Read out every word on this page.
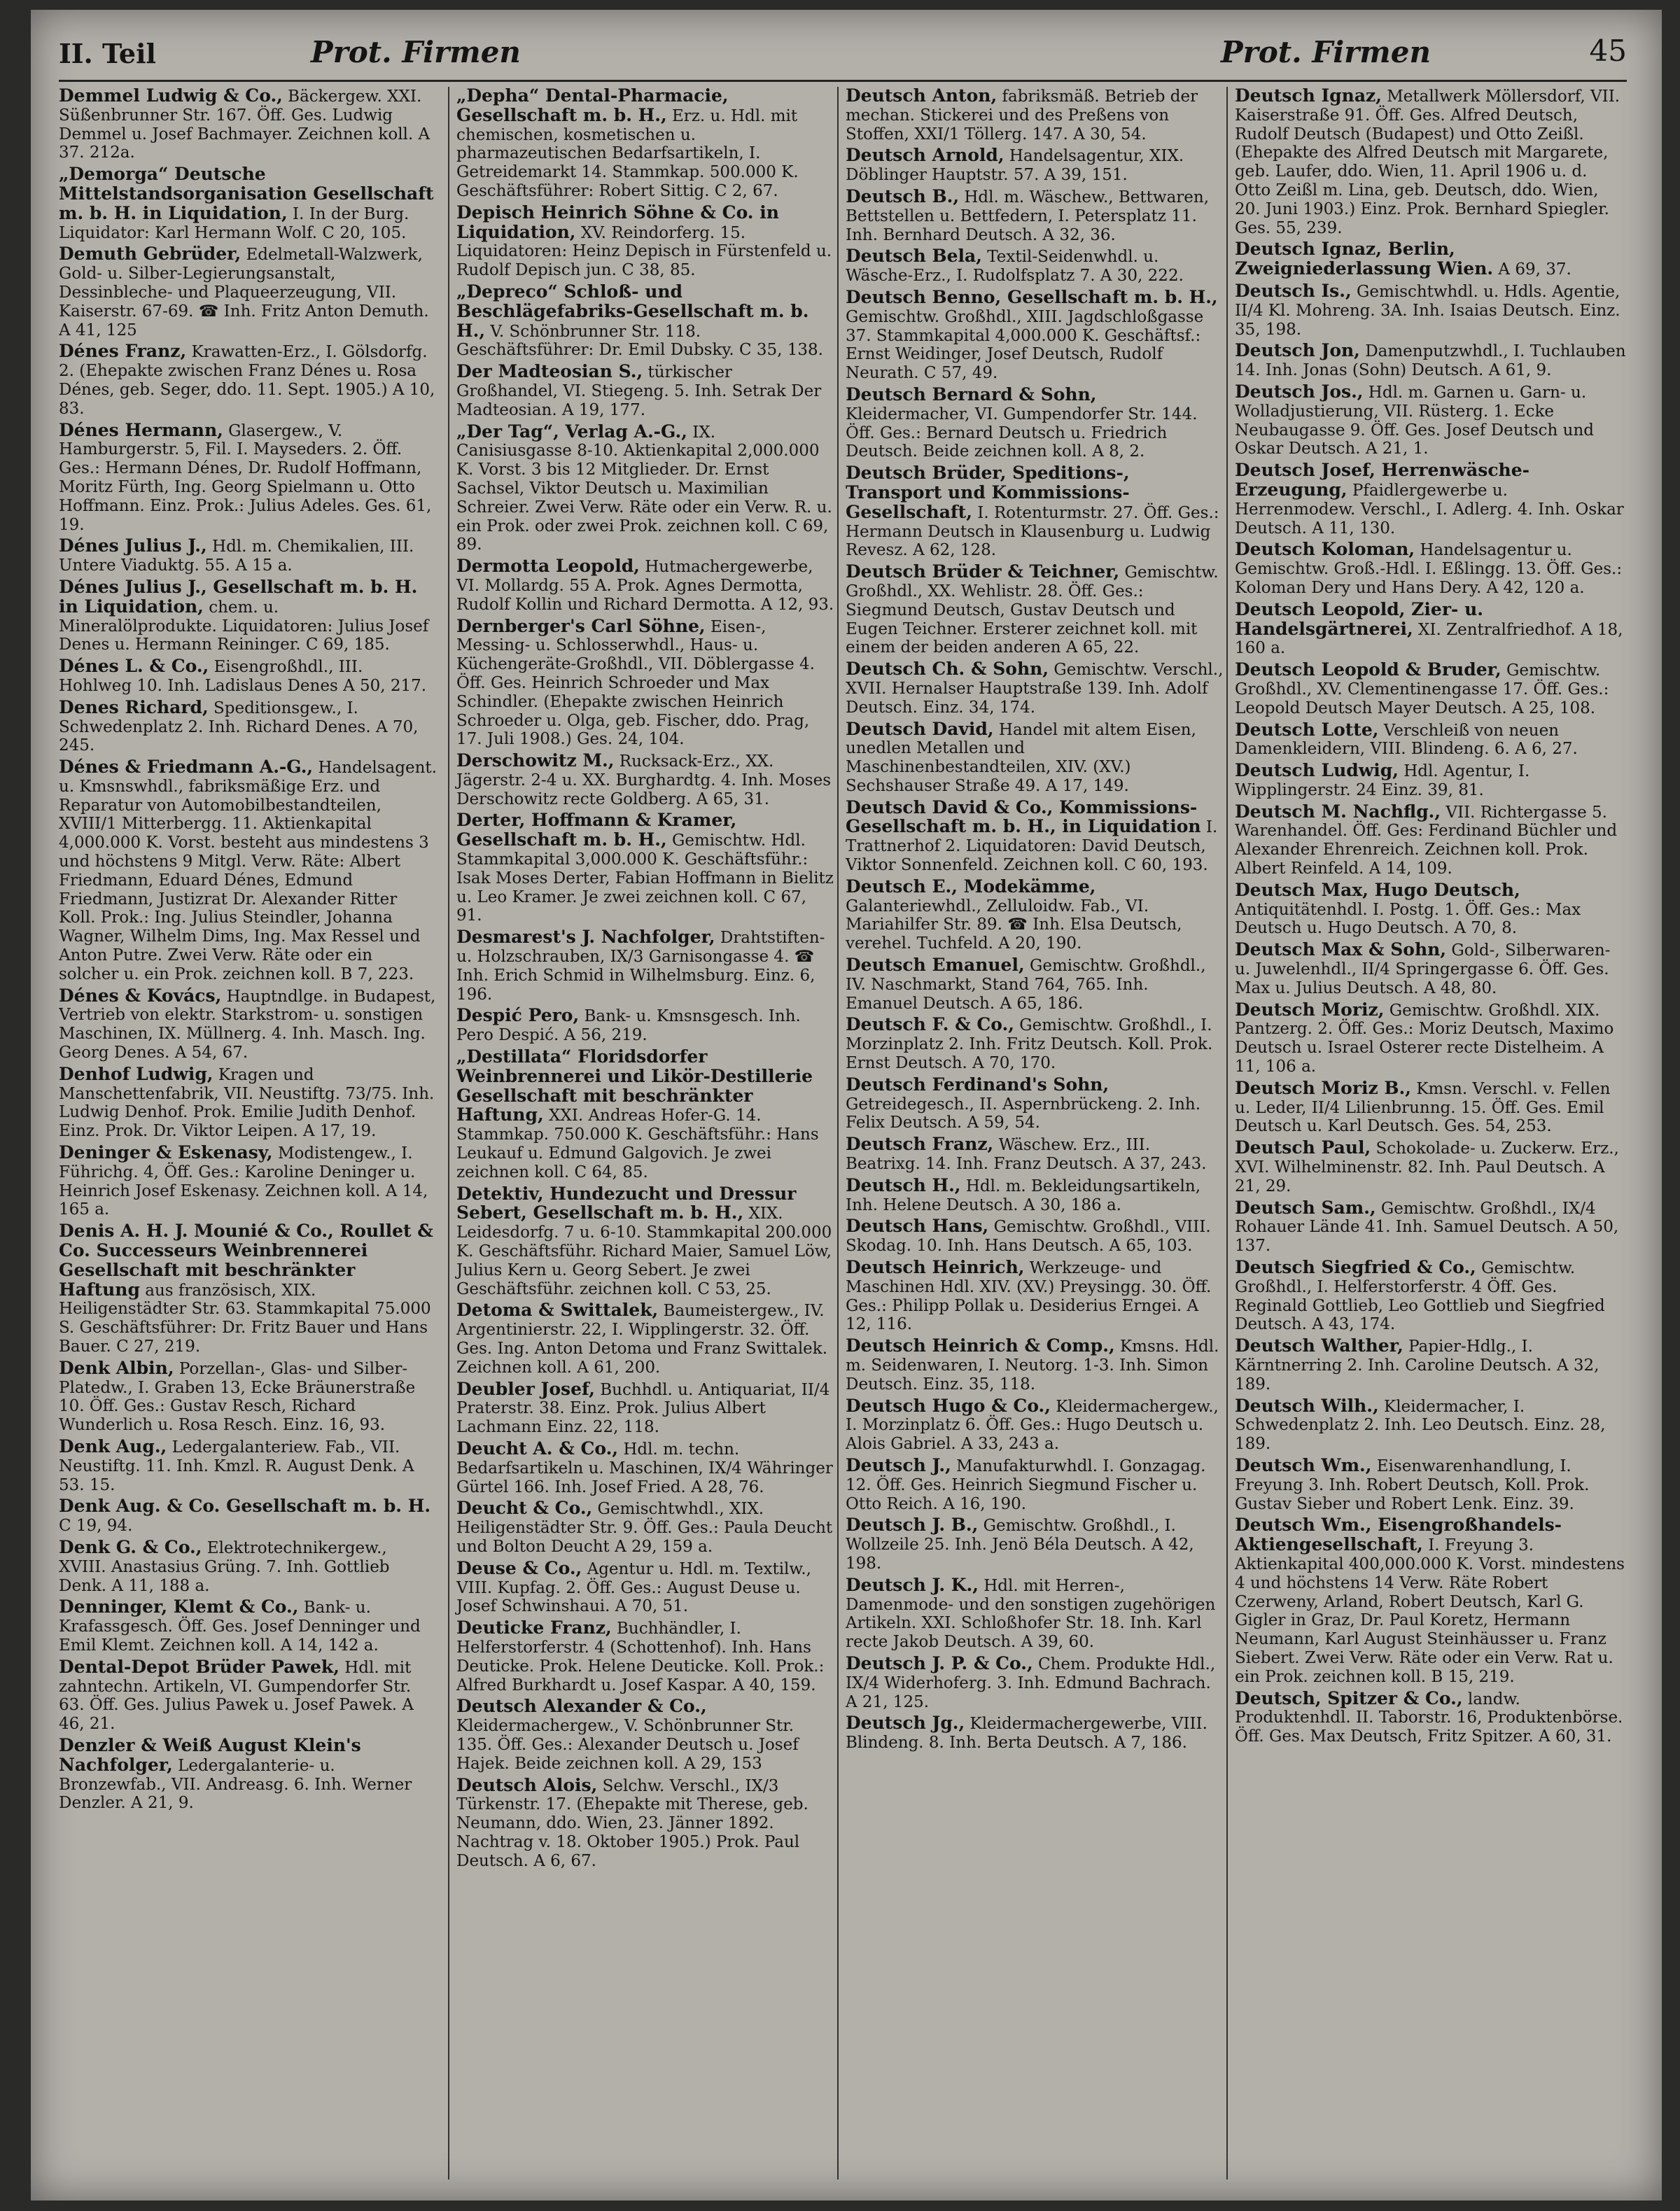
II. Teil	Prot. Firmen	Prot. Firmen	45

Demmel Ludwig & Co., Bäckergew. XXI. Süßenbrunner Str. 167. Öff. Ges. Ludwig Demmel u. Josef Bachmayer. Zeichnen koll. A 37. 212a.

„Demorga“ Deutsche Mittelstandsorganisation Gesellschaft m. b. H. in Liquidation, I. In der Burg. Liquidator: Karl Hermann Wolf. C 20, 105.

Demuth Gebrüder, Edelmetall-Walzwerk, Gold- u. Silber-Legierungsanstalt, Dessinbleche- und Plaqueerzeugung, VII. Kaiserstr. 67-69. ☎ Inh. Fritz Anton Demuth. A 41, 125

Dénes Franz, Krawatten-Erz., I. Gölsdorfg. 2. (Ehepakte zwischen Franz Dénes u. Rosa Dénes, geb. Seger, ddo. 11. Sept. 1905.) A 10, 83.

Dénes Hermann, Glasergew., V. Hamburgerstr. 5, Fil. I. Mayseders. 2. Öff. Ges.: Hermann Dénes, Dr. Rudolf Hoffmann, Moritz Fürth, Ing. Georg Spielmann u. Otto Hoffmann. Einz. Prok.: Julius Adeles. Ges. 61, 19.

Dénes Julius J., Hdl. m. Chemikalien, III. Untere Viaduktg. 55. A 15 a.

Dénes Julius J., Gesellschaft m. b. H. in Liquidation, chem. u. Mineralölprodukte. Liquidatoren: Julius Josef Denes u. Hermann Reininger. C 69, 185.

Dénes L. & Co., Eisengroßhdl., III. Hohlweg 10. Inh. Ladislaus Denes A 50, 217.

Denes Richard, Speditionsgew., I. Schwedenplatz 2. Inh. Richard Denes. A 70, 245.

Dénes & Friedmann A.-G., Handelsagent. u. Kmsnswhdl., fabriksmäßige Erz. und Reparatur von Automobilbestandteilen, XVIII/1 Mitterbergg. 11. Aktienkapital 4,000.000 K. Vorst. besteht aus mindestens 3 und höchstens 9 Mitgl. Verw. Räte: Albert Friedmann, Eduard Dénes, Edmund Friedmann, Justizrat Dr. Alexander Ritter Koll. Prok.: Ing. Julius Steindler, Johanna Wagner, Wilhelm Dims, Ing. Max Ressel und Anton Putre. Zwei Verw. Räte oder ein solcher u. ein Prok. zeichnen koll. B 7, 223.

Dénes & Kovács, Hauptndlge. in Budapest, Vertrieb von elektr. Starkstrom- u. sonstigen Maschinen, IX. Müllnerg. 4. Inh. Masch. Ing. Georg Denes. A 54, 67.

Denhof Ludwig, Kragen und Manschettenfabrik, VII. Neustiftg. 73/75. Inh. Ludwig Denhof. Prok. Emilie Judith Denhof. Einz. Prok. Dr. Viktor Leipen. A 17, 19.

Deninger & Eskenasy, Modistengew., I. Führichg. 4, Öff. Ges.: Karoline Deninger u. Heinrich Josef Eskenasy. Zeichnen koll. A 14, 165 a.

Denis A. H. J. Mounié & Co., Roullet & Co. Successeurs Weinbrennerei Gesellschaft mit beschränkter Haftung aus französisch, XIX. Heiligenstädter Str. 63. Stammkapital 75.000 S. Geschäftsführer: Dr. Fritz Bauer und Hans Bauer. C 27, 219.

Denk Albin, Porzellan-, Glas- und Silber-Platedw., I. Graben 13, Ecke Bräunerstraße 10. Öff. Ges.: Gustav Resch, Richard Wunderlich u. Rosa Resch. Einz. 16, 93.

Denk Aug., Ledergalanteriew. Fab., VII. Neustiftg. 11. Inh. Kmzl. R. August Denk. A 53. 15.

Denk Aug. & Co. Gesellschaft m. b. H. C 19, 94.

Denk G. & Co., Elektrotechnikergew., XVIII. Anastasius Grüng. 7. Inh. Gottlieb Denk. A 11, 188 a.

Denninger, Klemt & Co., Bank- u. Krafassgesch. Öff. Ges. Josef Denninger und Emil Klemt. Zeichnen koll. A 14, 142 a.

Dental-Depot Brüder Pawek, Hdl. mit zahntechn. Artikeln, VI. Gumpendorfer Str. 63. Öff. Ges. Julius Pawek u. Josef Pawek. A 46, 21.

Denzler & Weiß August Klein's Nachfolger, Ledergalanterie- u. Bronzewfab., VII. Andreasg. 6. Inh. Werner Denzler. A 21, 9.

„Depha“ Dental-Pharmacie, Gesellschaft m. b. H., Erz. u. Hdl. mit chemischen, kosmetischen u. pharmazeutischen Bedarfsartikeln, I. Getreidemarkt 14. Stammkap. 500.000 K. Geschäftsführer: Robert Sittig. C 2, 67.

Depisch Heinrich Söhne & Co. in Liquidation, XV. Reindorferg. 15. Liquidatoren: Heinz Depisch in Fürstenfeld u. Rudolf Depisch jun. C 38, 85.

„Depreco“ Schloß- und Beschlägefabriks-Gesellschaft m. b. H., V. Schönbrunner Str. 118. Geschäftsführer: Dr. Emil Dubsky. C 35, 138.

Der Madteosian S., türkischer Großhandel, VI. Stiegeng. 5. Inh. Setrak Der Madteosian. A 19, 177.

„Der Tag“, Verlag A.-G., IX. Canisiusgasse 8-10. Aktienkapital 2,000.000 K. Vorst. 3 bis 12 Mitglieder. Dr. Ernst Sachsel, Viktor Deutsch u. Maximilian Schreier. Zwei Verw. Räte oder ein Verw. R. u. ein Prok. oder zwei Prok. zeichnen koll. C 69, 89.

Dermotta Leopold, Hutmachergewerbe, VI. Mollardg. 55 A. Prok. Agnes Dermotta, Rudolf Kollin und Richard Dermotta. A 12, 93.

Dernberger's Carl Söhne, Eisen-, Messing- u. Schlosserwhdl., Haus- u. Küchengeräte-Großhdl., VII. Döblergasse 4. Öff. Ges. Heinrich Schroeder und Max Schindler. (Ehepakte zwischen Heinrich Schroeder u. Olga, geb. Fischer, ddo. Prag, 17. Juli 1908.) Ges. 24, 104.

Derschowitz M., Rucksack-Erz., XX. Jägerstr. 2-4 u. XX. Burghardtg. 4. Inh. Moses Derschowitz recte Goldberg. A 65, 31.

Derter, Hoffmann & Kramer, Gesellschaft m. b. H., Gemischtw. Hdl. Stammkapital 3,000.000 K. Geschäftsführ.: Isak Moses Derter, Fabian Hoffmann in Bielitz u. Leo Kramer. Je zwei zeichnen koll. C 67, 91.

Desmarest's J. Nachfolger, Drahtstiften- u. Holzschrauben, IX/3 Garnisongasse 4. ☎ Inh. Erich Schmid in Wilhelmsburg. Einz. 6, 196.

Despić Pero, Bank- u. Kmsnsgesch. Inh. Pero Despić. A 56, 219.

„Destillata“ Floridsdorfer Weinbrennerei und Likör-Destillerie Gesellschaft mit beschränkter Haftung, XXI. Andreas Hofer-G. 14. Stammkap. 750.000 K. Geschäftsführ.: Hans Leukauf u. Edmund Galgovich. Je zwei zeichnen koll. C 64, 85.

Detektiv, Hundezucht und Dressur Sebert, Gesellschaft m. b. H., XIX. Leidesdorfg. 7 u. 6-10. Stammkapital 200.000 K. Geschäftsführ. Richard Maier, Samuel Löw, Julius Kern u. Georg Sebert. Je zwei Geschäftsführ. zeichnen koll. C 53, 25.

Detoma & Swittalek, Baumeistergew., IV. Argentinierstr. 22, I. Wipplingerstr. 32. Öff. Ges. Ing. Anton Detoma und Franz Swittalek. Zeichnen koll. A 61, 200.

Deubler Josef, Buchhdl. u. Antiquariat, II/4 Praterstr. 38. Einz. Prok. Julius Albert Lachmann Einz. 22, 118.

Deucht A. & Co., Hdl. m. techn. Bedarfsartikeln u. Maschinen, IX/4 Währinger Gürtel 166. Inh. Josef Fried. A 28, 76.

Deucht & Co., Gemischtwhdl., XIX. Heiligenstädter Str. 9. Öff. Ges.: Paula Deucht und Bolton Deucht A 29, 159 a.

Deuse & Co., Agentur u. Hdl. m. Textilw., VIII. Kupfag. 2. Öff. Ges.: August Deuse u. Josef Schwinshaui. A 70, 51.

Deuticke Franz, Buchhändler, I. Helferstorferstr. 4 (Schottenhof). Inh. Hans Deuticke. Prok. Helene Deuticke. Koll. Prok.: Alfred Burkhardt u. Josef Kaspar. A 40, 159.

Deutsch Alexander & Co., Kleidermachergew., V. Schönbrunner Str. 135. Öff. Ges.: Alexander Deutsch u. Josef Hajek. Beide zeichnen koll. A 29, 153

Deutsch Alois, Selchw. Verschl., IX/3 Türkenstr. 17. (Ehepakte mit Therese, geb. Neumann, ddo. Wien, 23. Jänner 1892. Nachtrag v. 18. Oktober 1905.) Prok. Paul Deutsch. A 6, 67.

Deutsch Anton, fabriksmäß. Betrieb der mechan. Stickerei und des Preßens von Stoffen, XXI/1 Töllerg. 147. A 30, 54.

Deutsch Arnold, Handelsagentur, XIX. Döblinger Hauptstr. 57. A 39, 151.

Deutsch B., Hdl. m. Wäschew., Bettwaren, Bettstellen u. Bettfedern, I. Petersplatz 11. Inh. Bernhard Deutsch. A 32, 36.

Deutsch Bela, Textil-Seidenwhdl. u. Wäsche-Erz., I. Rudolfsplatz 7. A 30, 222.

Deutsch Benno, Gesellschaft m. b. H., Gemischtw. Großhdl., XIII. Jagdschloßgasse 37. Stammkapital 4,000.000 K. Geschäftsf.: Ernst Weidinger, Josef Deutsch, Rudolf Neurath. C 57, 49.

Deutsch Bernard & Sohn, Kleidermacher, VI. Gumpendorfer Str. 144. Öff. Ges.: Bernard Deutsch u. Friedrich Deutsch. Beide zeichnen koll. A 8, 2.

Deutsch Brüder, Speditions-, Transport und Kommissions-Gesellschaft, I. Rotenturmstr. 27. Öff. Ges.: Hermann Deutsch in Klausenburg u. Ludwig Revesz. A 62, 128.

Deutsch Brüder & Teichner, Gemischtw. Großhdl., XX. Wehlistr. 28. Öff. Ges.: Siegmund Deutsch, Gustav Deutsch und Eugen Teichner. Ersterer zeichnet koll. mit einem der beiden anderen A 65, 22.

Deutsch Ch. & Sohn, Gemischtw. Verschl., XVII. Hernalser Hauptstraße 139. Inh. Adolf Deutsch. Einz. 34, 174.

Deutsch David, Handel mit altem Eisen, unedlen Metallen und Maschinenbestandteilen, XIV. (XV.) Sechshauser Straße 49. A 17, 149.

Deutsch David & Co., Kommissions-Gesellschaft m. b. H., in Liquidation I. Trattnerhof 2. Liquidatoren: David Deutsch, Viktor Sonnenfeld. Zeichnen koll. C 60, 193.

Deutsch E., Modekämme, Galanteriewhdl., Zelluloidw. Fab., VI. Mariahilfer Str. 89. ☎ Inh. Elsa Deutsch, verehel. Tuchfeld. A 20, 190.

Deutsch Emanuel, Gemischtw. Großhdl., IV. Naschmarkt, Stand 764, 765. Inh. Emanuel Deutsch. A 65, 186.

Deutsch F. & Co., Gemischtw. Großhdl., I. Morzinplatz 2. Inh. Fritz Deutsch. Koll. Prok. Ernst Deutsch. A 70, 170.

Deutsch Ferdinand's Sohn, Getreidegesch., II. Aspernbrückeng. 2. Inh. Felix Deutsch. A 59, 54.

Deutsch Franz, Wäschew. Erz., III. Beatrixg. 14. Inh. Franz Deutsch. A 37, 243.

Deutsch H., Hdl. m. Bekleidungsartikeln, Inh. Helene Deutsch. A 30, 186 a.

Deutsch Hans, Gemischtw. Großhdl., VIII. Skodag. 10. Inh. Hans Deutsch. A 65, 103.

Deutsch Heinrich, Werkzeuge- und Maschinen Hdl. XIV. (XV.) Preysingg. 30. Öff. Ges.: Philipp Pollak u. Desiderius Erngei. A 12, 116.

Deutsch Heinrich & Comp., Kmsns. Hdl. m. Seidenwaren, I. Neutorg. 1-3. Inh. Simon Deutsch. Einz. 35, 118.

Deutsch Hugo & Co., Kleidermachergew., I. Morzinplatz 6. Öff. Ges.: Hugo Deutsch u. Alois Gabriel. A 33, 243 a.

Deutsch J., Manufakturwhdl. I. Gonzagag. 12. Öff. Ges. Heinrich Siegmund Fischer u. Otto Reich. A 16, 190.

Deutsch J. B., Gemischtw. Großhdl., I. Wollzeile 25. Inh. Jenö Béla Deutsch. A 42, 198.

Deutsch J. K., Hdl. mit Herren-, Damenmode- und den sonstigen zugehörigen Artikeln. XXI. Schloßhofer Str. 18. Inh. Karl recte Jakob Deutsch. A 39, 60.

Deutsch J. P. & Co., Chem. Produkte Hdl., IX/4 Widerhoferg. 3. Inh. Edmund Bachrach. A 21, 125.

Deutsch Jg., Kleidermachergewerbe, VIII. Blindeng. 8. Inh. Berta Deutsch. A 7, 186.

Deutsch Ignaz, Metallwerk Möllersdorf, VII. Kaiserstraße 91. Öff. Ges. Alfred Deutsch, Rudolf Deutsch (Budapest) und Otto Zeißl. (Ehepakte des Alfred Deutsch mit Margarete, geb. Laufer, ddo. Wien, 11. April 1906 u. d. Otto Zeißl m. Lina, geb. Deutsch, ddo. Wien, 20. Juni 1903.) Einz. Prok. Bernhard Spiegler. Ges. 55, 239.

Deutsch Ignaz, Berlin, Zweigniederlassung Wien. A 69, 37.

Deutsch Is., Gemischtwhdl. u. Hdls. Agentie, II/4 Kl. Mohreng. 3A. Inh. Isaias Deutsch. Einz. 35, 198.

Deutsch Jon, Damenputzwhdl., I. Tuchlauben 14. Inh. Jonas (Sohn) Deutsch. A 61, 9.

Deutsch Jos., Hdl. m. Garnen u. Garn- u. Wolladjustierung, VII. Rüsterg. 1. Ecke Neubaugasse 9. Öff. Ges. Josef Deutsch und Oskar Deutsch. A 21, 1.

Deutsch Josef, Herrenwäsche-Erzeugung, Pfaidlergewerbe u. Herrenmodew. Verschl., I. Adlerg. 4. Inh. Oskar Deutsch. A 11, 130.

Deutsch Koloman, Handelsagentur u. Gemischtw. Groß.-Hdl. I. Eßlingg. 13. Öff. Ges.: Koloman Dery und Hans Dery. A 42, 120 a.

Deutsch Leopold, Zier- u. Handelsgärtnerei, XI. Zentralfriedhof. A 18, 160 a.

Deutsch Leopold & Bruder, Gemischtw. Großhdl., XV. Clementinengasse 17. Öff. Ges.: Leopold Deutsch Mayer Deutsch. A 25, 108.

Deutsch Lotte, Verschleiß von neuen Damenkleidern, VIII. Blindeng. 6. A 6, 27.

Deutsch Ludwig, Hdl. Agentur, I. Wipplingerstr. 24 Einz. 39, 81.

Deutsch M. Nachflg., VII. Richtergasse 5. Warenhandel. Öff. Ges: Ferdinand Büchler und Alexander Ehrenreich. Zeichnen koll. Prok. Albert Reinfeld. A 14, 109.

Deutsch Max, Hugo Deutsch, Antiquitätenhdl. I. Postg. 1. Öff. Ges.: Max Deutsch u. Hugo Deutsch. A 70, 8.

Deutsch Max & Sohn, Gold-, Silberwaren- u. Juwelenhdl., II/4 Springergasse 6. Öff. Ges. Max u. Julius Deutsch. A 48, 80.

Deutsch Moriz, Gemischtw. Großhdl. XIX. Pantzerg. 2. Öff. Ges.: Moriz Deutsch, Maximo Deutsch u. Israel Osterer recte Distelheim. A 11, 106 a.

Deutsch Moriz B., Kmsn. Verschl. v. Fellen u. Leder, II/4 Lilienbrunng. 15. Öff. Ges. Emil Deutsch u. Karl Deutsch. Ges. 54, 253.

Deutsch Paul, Schokolade- u. Zuckerw. Erz., XVI. Wilhelminenstr. 82. Inh. Paul Deutsch. A 21, 29.

Deutsch Sam., Gemischtw. Großhdl., IX/4 Rohauer Lände 41. Inh. Samuel Deutsch. A 50, 137.

Deutsch Siegfried & Co., Gemischtw. Großhdl., I. Helferstorferstr. 4 Öff. Ges. Reginald Gottlieb, Leo Gottlieb und Siegfried Deutsch. A 43, 174.

Deutsch Walther, Papier-Hdlg., I. Kärntnerring 2. Inh. Caroline Deutsch. A 32, 189.

Deutsch Wilh., Kleidermacher, I. Schwedenplatz 2. Inh. Leo Deutsch. Einz. 28, 189.

Deutsch Wm., Eisenwarenhandlung, I. Freyung 3. Inh. Robert Deutsch, Koll. Prok. Gustav Sieber und Robert Lenk. Einz. 39.

Deutsch Wm., Eisengroßhandels-Aktiengesellschaft, I. Freyung 3. Aktienkapital 400,000.000 K. Vorst. mindestens 4 und höchstens 14 Verw. Räte Robert Czerweny, Arland, Robert Deutsch, Karl G. Gigler in Graz, Dr. Paul Koretz, Hermann Neumann, Karl August Steinhäusser u. Franz Siebert. Zwei Verw. Räte oder ein Verw. Rat u. ein Prok. zeichnen koll. B 15, 219.

Deutsch, Spitzer & Co., landw. Produktenhdl. II. Taborstr. 16, Produktenbörse. Öff. Ges. Max Deutsch, Fritz Spitzer. A 60, 31.
